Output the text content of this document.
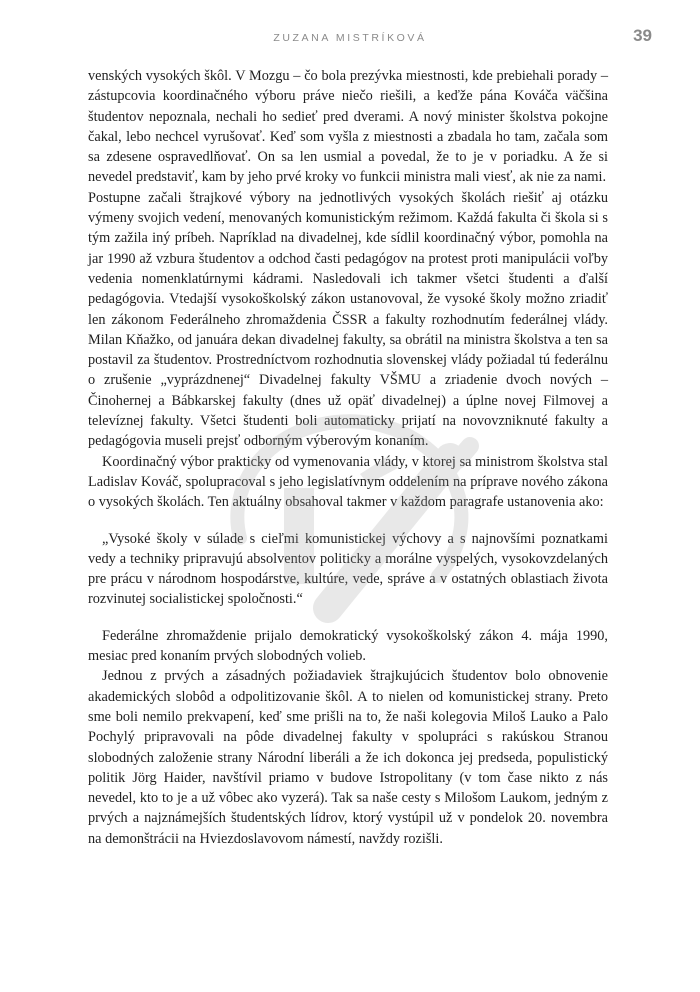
ZUZANA MISTRÍKOVÁ	39

venských vysokých škôl. V Mozgu – čo bola prezývka miestnosti, kde prebiehali porady – zástupcovia koordinačného výboru práve niečo riešili, a keďže pána Kováča väčšina študentov nepoznala, nechali ho sedieť pred dverami. A nový minister školstva pokojne čakal, lebo nechcel vyrušovať. Keď som vyšla z miestnosti a zbadala ho tam, začala som sa zdesene ospravedlňovať. On sa len usmial a povedal, že to je v poriadku. A že si nevedel predstaviť, kam by jeho prvé kroky vo funkcii ministra mali viesť, ak nie za nami.

Postupne začali štrajkové výbory na jednotlivých vysokých školách riešiť aj otázku výmeny svojich vedení, menovaných komunistickým režimom. Každá fakulta či škola si s tým zažila iný príbeh. Napríklad na divadelnej, kde sídlil koordinačný výbor, pomohla na jar 1990 až vzbura študentov a odchod časti pedagógov na protest proti manipulácii voľby vedenia nomenklatúrnymi kádrami. Nasledovali ich takmer všetci študenti a ďalší pedagógovia. Vtedajší vysokoškolský zákon ustanovoval, že vysoké školy možno zriadiť len zákonom Federálneho zhromaždenia ČSSR a fakulty rozhodnutím federálnej vlády. Milan Kňažko, od januára dekan divadelnej fakulty, sa obrátil na ministra školstva a ten sa postavil za študentov. Prostredníctvom rozhodnutia slovenskej vlády požiadal tú federálnu o zrušenie „vyprázdnenej“ Divadelnej fakulty VŠMU a zriadenie dvoch nových – Činohernej a Bábkarskej fakulty (dnes už opäť divadelnej) a úplne novej Filmovej a televíznej fakulty. Všetci študenti boli automaticky prijatí na novovzniknuté fakulty a pedagógovia museli prejsť odborným výberovým konaním.

Koordinačný výbor prakticky od vymenovania vlády, v ktorej sa ministrom školstva stal Ladislav Kováč, spolupracoval s jeho legislatívnym oddelením na príprave nového zákona o vysokých školách. Ten aktuálny obsahoval takmer v každom paragrafe ustanovenia ako:

„Vysoké školy v súlade s cieľmi komunistickej výchovy a s najnovšími poznatkami vedy a techniky pripravujú absolventov politicky a morálne vyspelých, vysokovzdelaných pre prácu v národnom hospodárstve, kultúre, vede, správe a v ostatných oblastiach života rozvinutej socialistickej spoločnosti.“

Federálne zhromaždenie prijalo demokratický vysokoškolský zákon 4. mája 1990, mesiac pred konaním prvých slobodných volieb.

Jednou z prvých a zásadných požiadaviek štrajkujúcich študentov bolo obnovenie akademických slobôd a odpolitizovanie škôl. A to nielen od komunistickej strany. Preto sme boli nemilo prekvapení, keď sme prišli na to, že naši kolegovia Miloš Lauko a Palo Pochylý pripravovali na pôde divadelnej fakulty v spolupráci s rakúskou Stranou slobodných založenie strany Národní liberáli a že ich dokonca jej predseda, populistický politik Jörg Haider, navštívil priamo v budove Istropolitany (v tom čase nikto z nás nevedel, kto to je a už vôbec ako vyzerá). Tak sa naše cesty s Milošom Laukom, jedným z prvých a najznámejších študentských lídrov, ktorý vystúpil už v pondelok 20. novembra na demonštrácii na Hviezdoslavovom námestí, navždy rozišli.
